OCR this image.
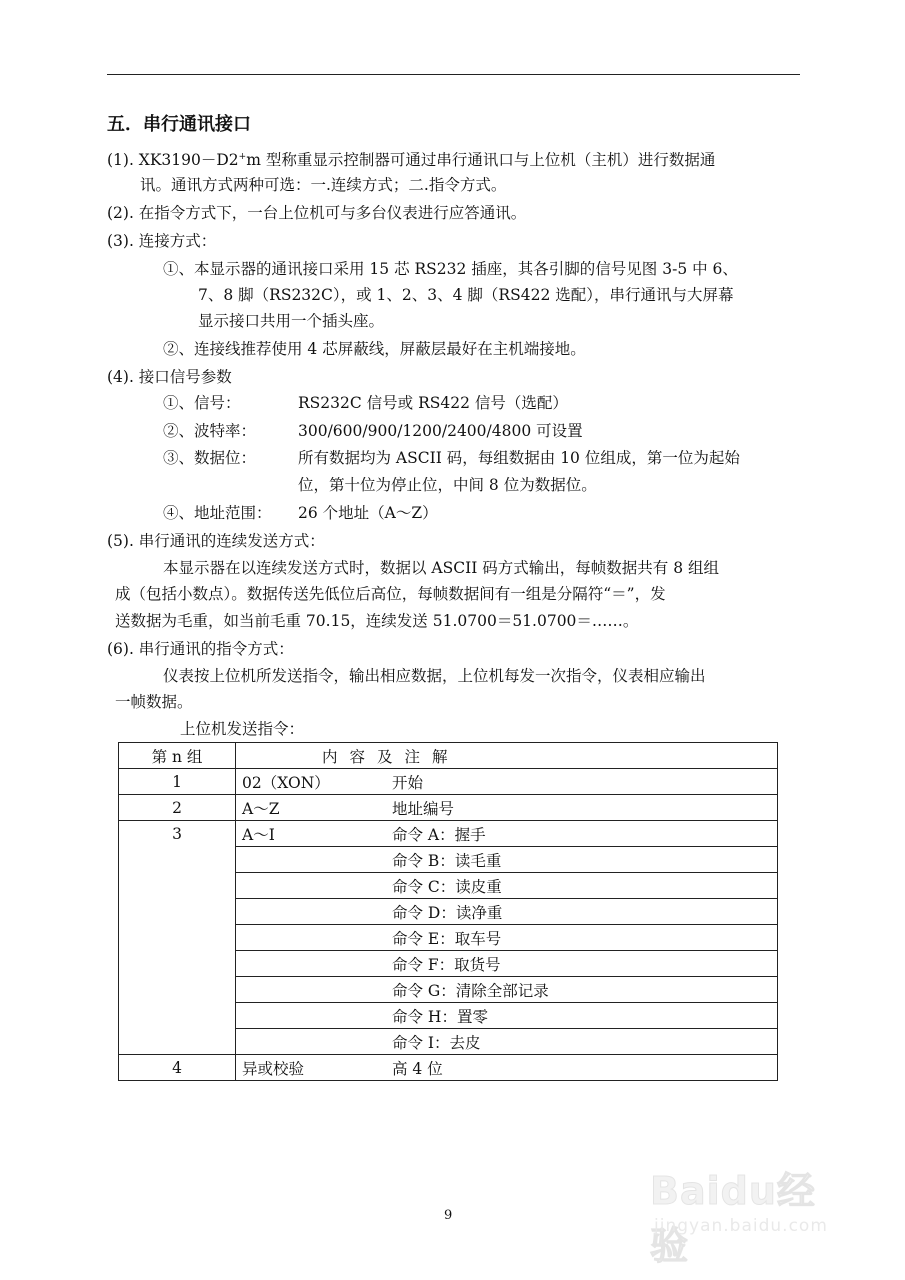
五．串行通讯接口
(1). XK3190－D2+m 型称重显示控制器可通过串行通讯口与上位机（主机）进行数据通
讯。通讯方式两种可选：一.连续方式；二.指令方式。
(2). 在指令方式下，一台上位机可与多台仪表进行应答通讯。
(3). 连接方式：
①、本显示器的通讯接口采用 15 芯 RS232 插座，其各引脚的信号见图 3-5 中 6、
7、8 脚（RS232C），或 1、2、3、4 脚（RS422 选配），串行通讯与大屏幕
显示接口共用一个插头座。
②、连接线推荐使用 4 芯屏蔽线，屏蔽层最好在主机端接地。
(4). 接口信号参数
①、信号：	RS232C 信号或 RS422 信号（选配）
②、波特率：	300/600/900/1200/2400/4800 可设置
③、数据位：	所有数据均为 ASCII 码，每组数据由 10 位组成，第一位为起始
位，第十位为停止位，中间 8 位为数据位。
④、地址范围： 26 个地址（A～Z）
(5). 串行通讯的连续发送方式：
本显示器在以连续发送方式时，数据以 ASCII 码方式输出，每帧数据共有 8 组组
成（包括小数点）。数据传送先低位后高位，每帧数据间有一组是分隔符“＝”，发
送数据为毛重，如当前毛重 70.15，连续发送 51.0700＝51.0700＝……。
(6). 串行通讯的指令方式：
仪表按上位机所发送指令，输出相应数据，上位机每发一次指令，仪表相应输出
一帧数据。
上位机发送指令：
第 n 组	内容及注解
1	02（XON） 开始
2	A～Z 地址编号
3	A～I 命令 A：握手
	命令 B：读毛重
	命令 C：读皮重
	命令 D：读净重
	命令 E：取车号
	命令 F：取货号
	命令 G：清除全部记录
	命令 H：置零
	命令 I：去皮
4	异或校验 高 4 位
9
Baidu经验
jingyan.baidu.com
